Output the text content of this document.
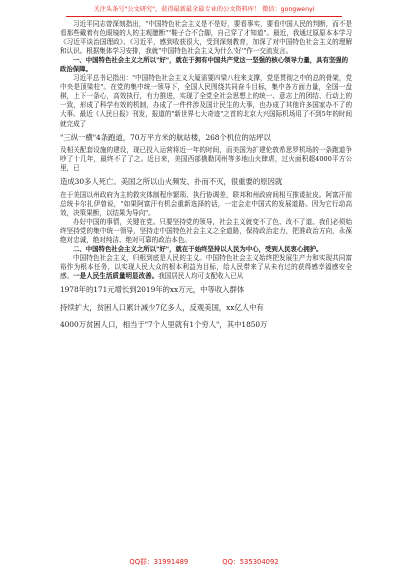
关注头条号"公文研究"，获得最新最全最专业的公文资料库！ 微信：gongwenyi

习近平同志曾深刻指出，"中国特色社会主义是不是好，要看事实，要看中国人民的判断，而不是看那些戴着有色眼镜的人的主观臆断""鞋子合不合脚，自己穿了才知道"。最近，我通过原原本本学习《习近平谈治国理政》、《习近平，感到收获很大，受到深刻教育，加深了对中国特色社会主义的理解和认识。根据集体学习安排，我就"中国特色社会主义为什么'好'"作一交流发言。

一、中国特色社会主义之所以"好"，就在于拥有中国共产党这一坚强的核心领导力量，具有坚强的政治保障。

习近平总书记指出："中国特色社会主义大厦需要四梁八柱来支撑，党是贯彻之中的总的骨架，党中央是顶梁柱"。在党的集中统一领导下，全国人民围绕共同奋斗目标，集中各方面力量，全国一盘棋，上下一条心，高效执行，有力推进，实现了全党全社会思想上的统一、意志上的团结、行动上的一致，形成了科学有效的机制，办成了一件件涉及国计民生的大事，也办成了其他许多国家办不了的大事。最近《人民日报》刊发，报道的"新世界七大奇迹"之首的北京大兴国际机场用了不到5年的时间就完成了

"三纵一横"4条跑道，70万平方米的航站楼，268个机位的站坪以

及相关配套设施的建设，现已投入运营将近一年的时间，而美国为扩建伦敦希思罗机场的一条跑道争吵了十几年，最终不了了之。近日来，美国西部俄勒冈州等多地山火肆虐，过火面积超4000平方公里，已

造成30多人死亡。美国之所以山火频发、扑而不灭，很重要的原因就

在于美国以州政府为主的救灾体制程序繁琐、执行协调差，联邦和州政府间相互推诿扯皮。阿富汗前总统卡尔扎伊曾说，"如果阿富汗有机会重新选择的话，一定会走中国式的发展道路。因为它行动高效，决策果断，以结果为导向"。

办好中国的事情，关键在党。只要坚持党的领导，社会主义就变不了色、改不了道。我们必须始终坚持党的集中统一领导，坚持走中国特色社会主义之全道路，保持政治定力，把准政治方向，永葆绝对忠诚，绝对纯洁、绝对可靠的政治本色。

二、中国特色社会主义之所以"好"，就在于始终坚持以人民为中心，受到人民衷心拥护。

中国特色社会主义，归根到底是人民的主义。中国特色社会主义始终把发展生产力和实现共同富裕作为根本任务，以实现人民大众的根本利益为目标，给人民带来了从未有过的获得感幸福感安全感。一是人民生活质量明显改善。我国居民人均可支配收入已从

1978年的171元增长到2019年的xx万元，中等收入群体

持续扩大，贫困人口累计减少7亿多人，反观美国，xx亿人中有

4000万贫困人口，相当于"7个人里就有1个穷人"，其中1850万

QQ群：31991489	QQ：535304092
